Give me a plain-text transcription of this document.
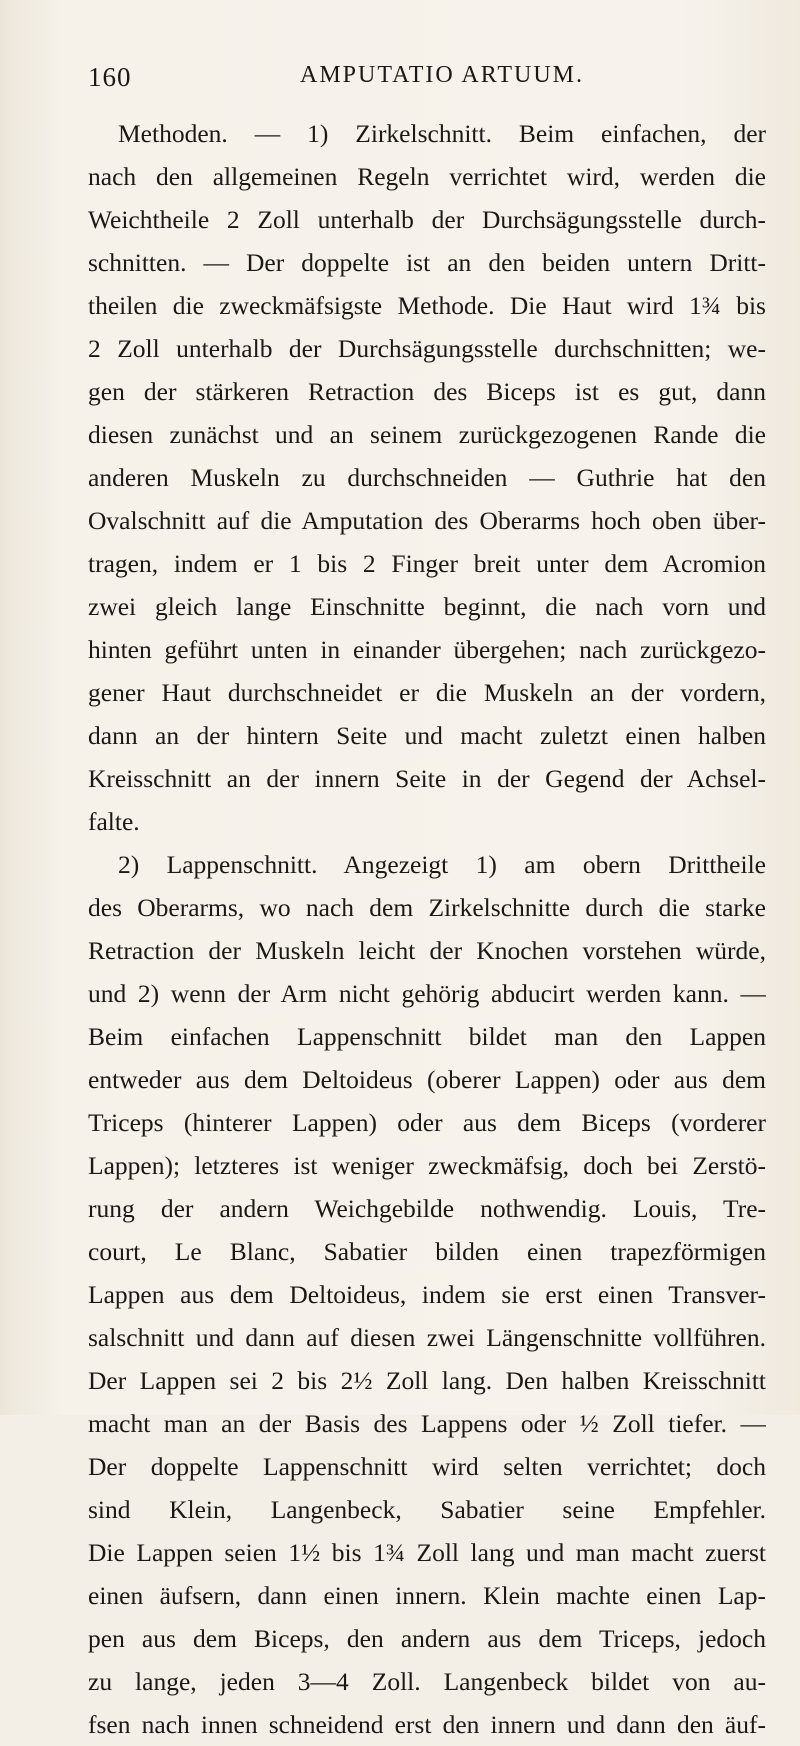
160	AMPUTATIO ARTUUM.
Methoden. — 1) Zirkelschnitt. Beim einfachen, der
nach den allgemeinen Regeln verrichtet wird, werden die
Weichtheile 2 Zoll unterhalb der Durchsägungsstelle durch-
schnitten. — Der doppelte ist an den beiden untern Dritt-
theilen die zweckmäfsigste Methode. Die Haut wird 1¾ bis
2 Zoll unterhalb der Durchsägungsstelle durchschnitten; we-
gen der stärkeren Retraction des Biceps ist es gut, dann
diesen zunächst und an seinem zurückgezogenen Rande die
anderen Muskeln zu durchschneiden — Guthrie hat den
Ovalschnitt auf die Amputation des Oberarms hoch oben über-
tragen, indem er 1 bis 2 Finger breit unter dem Acromion
zwei gleich lange Einschnitte beginnt, die nach vorn und
hinten geführt unten in einander übergehen; nach zurückgezo-
gener Haut durchschneidet er die Muskeln an der vordern,
dann an der hintern Seite und macht zuletzt einen halben
Kreisschnitt an der innern Seite in der Gegend der Achsel-
falte.
2) Lappenschnitt. Angezeigt 1) am obern Drittheile
des Oberarms, wo nach dem Zirkelschnitte durch die starke
Retraction der Muskeln leicht der Knochen vorstehen würde,
und 2) wenn der Arm nicht gehörig abducirt werden kann. —
Beim einfachen Lappenschnitt bildet man den Lappen
entweder aus dem Deltoideus (oberer Lappen) oder aus dem
Triceps (hinterer Lappen) oder aus dem Biceps (vorderer
Lappen); letzteres ist weniger zweckmäfsig, doch bei Zerstö-
rung der andern Weichgebilde nothwendig. Louis, Tre-
court, Le Blanc, Sabatier bilden einen trapezförmigen
Lappen aus dem Deltoideus, indem sie erst einen Transver-
salschnitt und dann auf diesen zwei Längenschnitte vollführen.
Der Lappen sei 2 bis 2½ Zoll lang. Den halben Kreisschnitt
macht man an der Basis des Lappens oder ½ Zoll tiefer. —
Der doppelte Lappenschnitt wird selten verrichtet; doch
sind Klein, Langenbeck, Sabatier seine Empfehler.
Die Lappen seien 1½ bis 1¾ Zoll lang und man macht zuerst
einen äufsern, dann einen innern. Klein machte einen Lap-
pen aus dem Biceps, den andern aus dem Triceps, jedoch
zu lange, jeden 3—4 Zoll. Langenbeck bildet von au-
fsen nach innen schneidend erst den innern und dann den äuf-
